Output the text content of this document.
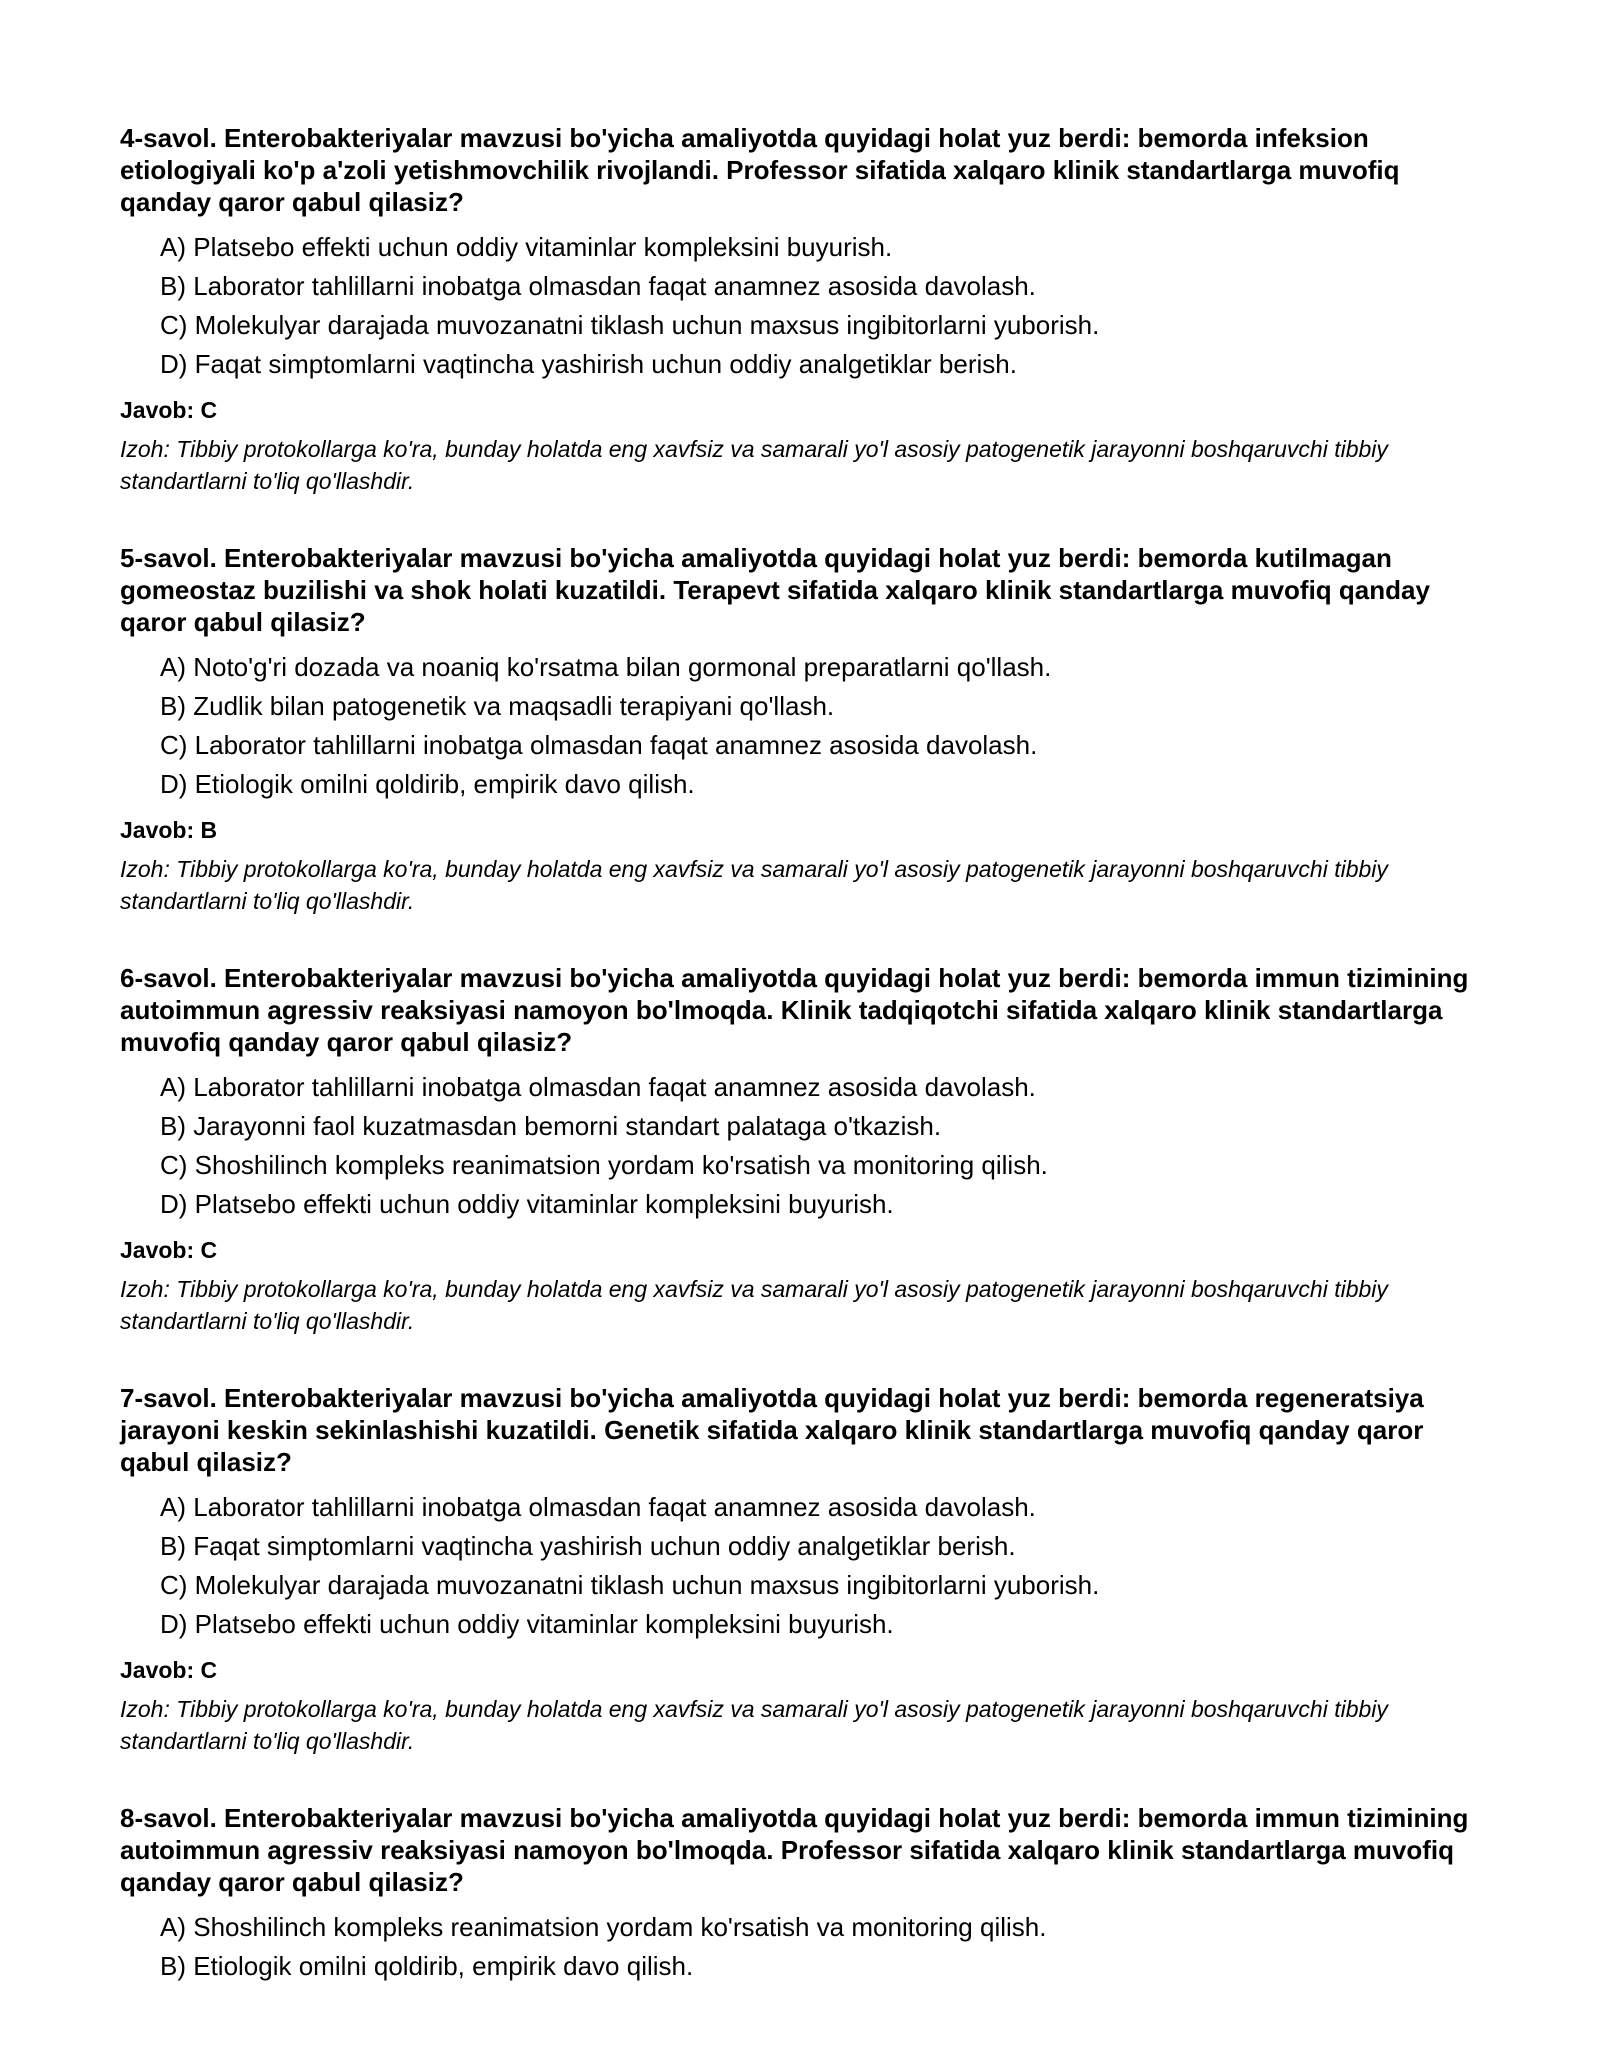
4-savol. Enterobakteriyalar mavzusi bo'yicha amaliyotda quyidagi holat yuz berdi: bemorda infeksion etiologiyali ko'p a'zoli yetishmovchilik rivojlandi. Professor sifatida xalqaro klinik standartlarga muvofiq qanday qaror qabul qilasiz?

A) Platsebo effekti uchun oddiy vitaminlar kompleksini buyurish.
B) Laborator tahlillarni inobatga olmasdan faqat anamnez asosida davolash.
C) Molekulyar darajada muvozanatni tiklash uchun maxsus ingibitorlarni yuborish.
D) Faqat simptomlarni vaqtincha yashirish uchun oddiy analgetiklar berish.

Javob: C

Izoh: Tibbiy protokollarga ko'ra, bunday holatda eng xavfsiz va samarali yo'l asosiy patogenetik jarayonni boshqaruvchi tibbiy standartlarni to'liq qo'llashdir.

5-savol. Enterobakteriyalar mavzusi bo'yicha amaliyotda quyidagi holat yuz berdi: bemorda kutilmagan gomeostaz buzilishi va shok holati kuzatildi. Terapevt sifatida xalqaro klinik standartlarga muvofiq qanday qaror qabul qilasiz?

A) Noto'g'ri dozada va noaniq ko'rsatma bilan gormonal preparatlarni qo'llash.
B) Zudlik bilan patogenetik va maqsadli terapiyani qo'llash.
C) Laborator tahlillarni inobatga olmasdan faqat anamnez asosida davolash.
D) Etiologik omilni qoldirib, empirik davo qilish.

Javob: B

Izoh: Tibbiy protokollarga ko'ra, bunday holatda eng xavfsiz va samarali yo'l asosiy patogenetik jarayonni boshqaruvchi tibbiy standartlarni to'liq qo'llashdir.

6-savol. Enterobakteriyalar mavzusi bo'yicha amaliyotda quyidagi holat yuz berdi: bemorda immun tizimining autoimmun agressiv reaksiyasi namoyon bo'lmoqda. Klinik tadqiqotchi sifatida xalqaro klinik standartlarga muvofiq qanday qaror qabul qilasiz?

A) Laborator tahlillarni inobatga olmasdan faqat anamnez asosida davolash.
B) Jarayonni faol kuzatmasdan bemorni standart palataga o'tkazish.
C) Shoshilinch kompleks reanimatsion yordam ko'rsatish va monitoring qilish.
D) Platsebo effekti uchun oddiy vitaminlar kompleksini buyurish.

Javob: C

Izoh: Tibbiy protokollarga ko'ra, bunday holatda eng xavfsiz va samarali yo'l asosiy patogenetik jarayonni boshqaruvchi tibbiy standartlarni to'liq qo'llashdir.

7-savol. Enterobakteriyalar mavzusi bo'yicha amaliyotda quyidagi holat yuz berdi: bemorda regeneratsiya jarayoni keskin sekinlashishi kuzatildi. Genetik sifatida xalqaro klinik standartlarga muvofiq qanday qaror qabul qilasiz?

A) Laborator tahlillarni inobatga olmasdan faqat anamnez asosida davolash.
B) Faqat simptomlarni vaqtincha yashirish uchun oddiy analgetiklar berish.
C) Molekulyar darajada muvozanatni tiklash uchun maxsus ingibitorlarni yuborish.
D) Platsebo effekti uchun oddiy vitaminlar kompleksini buyurish.

Javob: C

Izoh: Tibbiy protokollarga ko'ra, bunday holatda eng xavfsiz va samarali yo'l asosiy patogenetik jarayonni boshqaruvchi tibbiy standartlarni to'liq qo'llashdir.

8-savol. Enterobakteriyalar mavzusi bo'yicha amaliyotda quyidagi holat yuz berdi: bemorda immun tizimining autoimmun agressiv reaksiyasi namoyon bo'lmoqda. Professor sifatida xalqaro klinik standartlarga muvofiq qanday qaror qabul qilasiz?

A) Shoshilinch kompleks reanimatsion yordam ko'rsatish va monitoring qilish.
B) Etiologik omilni qoldirib, empirik davo qilish.
